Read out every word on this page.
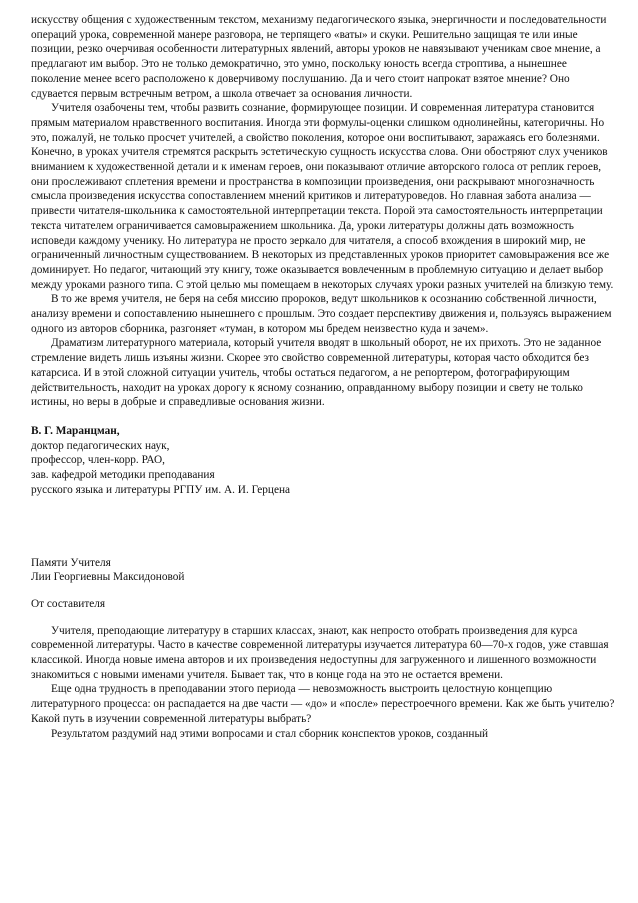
искусству общения с художественным текстом, механизму педагогического языка, энергичности и последовательности операций урока, современной манере разговора, не терпящего «ваты» и скуки. Решительно защищая те или иные позиции, резко очерчивая особенности литературных явлений, авторы уроков не навязывают ученикам свое мнение, а предлагают им выбор. Это не только демократично, это умно, поскольку юность всегда строптива, а нынешнее поколение менее всего расположено к доверчивому послушанию. Да и чего стоит напрокат взятое мнение? Оно сдувается первым встречным ветром, а школа отвечает за основания личности.

Учителя озабочены тем, чтобы развить сознание, формирующее позиции. И современная литература становится прямым материалом нравственного воспитания. Иногда эти формулы-оценки слишком однолинейны, категоричны. Но это, пожалуй, не только просчет учителей, а свойство поколения, которое они воспитывают, заражаясь его болезнями. Конечно, в уроках учителя стремятся раскрыть эстетическую сущность искусства слова. Они обостряют слух учеников вниманием к художественной детали и к именам героев, они показывают отличие авторского голоса от реплик героев, они прослеживают сплетения времени и пространства в композиции произведения, они раскрывают многозначность смысла произведения искусства сопоставлением мнений критиков и литературоведов. Но главная забота анализа — привести читателя-школьника к самостоятельной интерпретации текста. Порой эта самостоятельность интерпретации текста читателем ограничивается самовыражением школьника. Да, уроки литературы должны дать возможность исповеди каждому ученику. Но литература не просто зеркало для читателя, а способ вхождения в широкий мир, не ограниченный личностным существованием. В некоторых из представленных уроков приоритет самовыражения все же доминирует. Но педагог, читающий эту книгу, тоже оказывается вовлеченным в проблемную ситуацию и делает выбор между уроками разного типа. С этой целью мы помещаем в некоторых случаях уроки разных учителей на близкую тему.

В то же время учителя, не беря на себя миссию пророков, ведут школьников к осознанию собственной личности, анализу времени и сопоставлению нынешнего с прошлым. Это создает перспективу движения и, пользуясь выражением одного из авторов сборника, разгоняет «туман, в котором мы бредем неизвестно куда и зачем».

Драматизм литературного материала, который учителя вводят в школьный оборот, не их прихоть. Это не заданное стремление видеть лишь изъяны жизни. Скорее это свойство современной литературы, которая часто обходится без катарсиса. И в этой сложной ситуации учитель, чтобы остаться педагогом, а не репортером, фотографирующим действительность, находит на уроках дорогу к ясному сознанию, оправданному выбору позиции и свету не только истины, но веры в добрые и справедливые основания жизни.

В. Г. Маранцман,
доктор педагогических наук,
профессор, член-корр. РАО,
зав. кафедрой методики преподавания
русского языка и литературы РГПУ им. А. И. Герцена
Памяти Учителя
Лии Георгиевны Максидоновой
От составителя

Учителя, преподающие литературу в старших классах, знают, как непросто отобрать произведения для курса современной литературы. Часто в качестве современной литературы изучается литература 60—70-х годов, уже ставшая классикой. Иногда новые имена авторов и их произведения недоступны для загруженного и лишенного возможности знакомиться с новыми именами учителя. Бывает так, что в конце года на это не остается времени.

Еще одна трудность в преподавании этого периода — невозможность выстроить целостную концепцию литературного процесса: он распадается на две части — «до» и «после» перестроечного времени. Как же быть учителю? Какой путь в изучении современной литературы выбрать?

Результатом раздумий над этими вопросами и стал сборник конспектов уроков, созданный
